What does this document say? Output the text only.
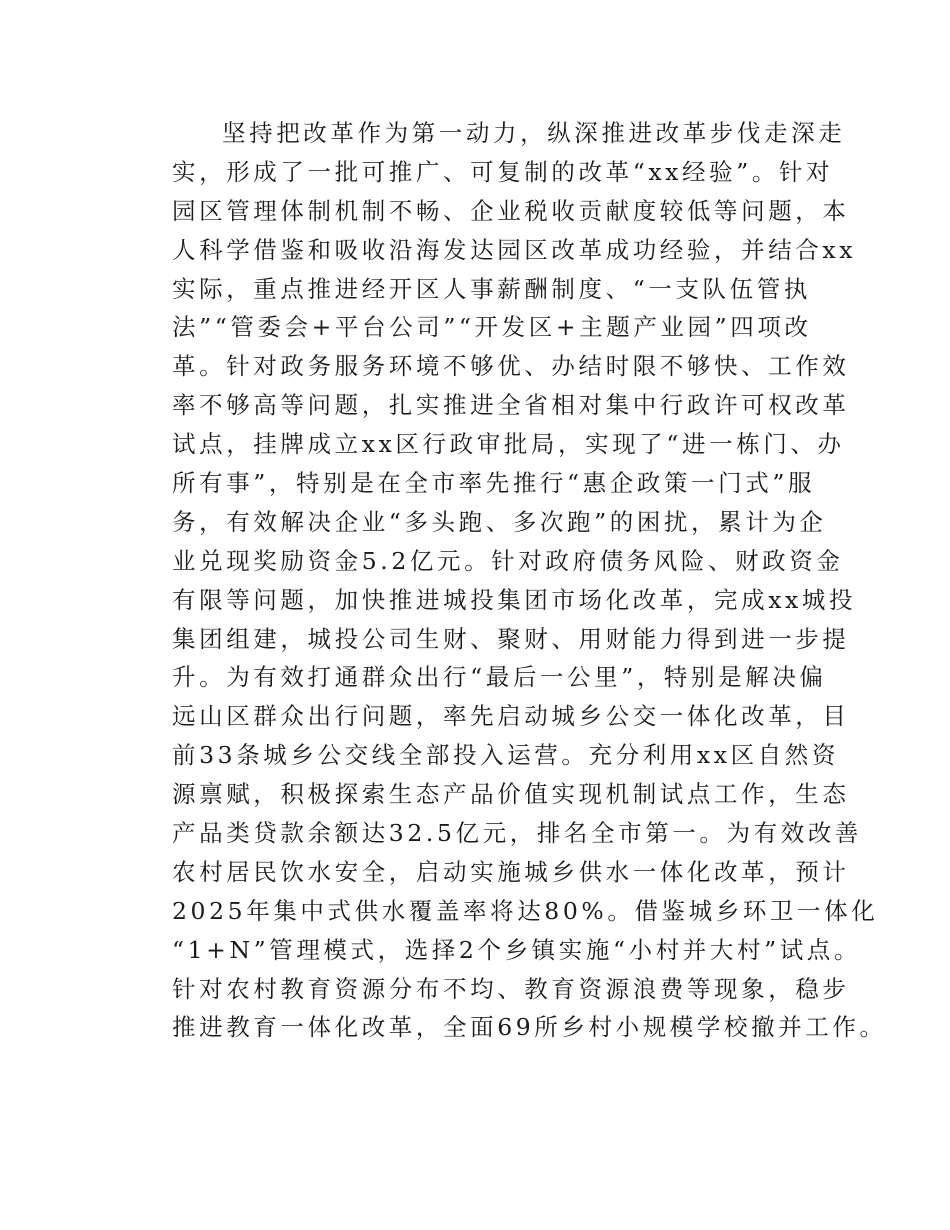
坚持把改革作为第一动力，纵深推进改革步伐走深走
实，形成了一批可推广、可复制的改革“xx经验”。针对
园区管理体制机制不畅、企业税收贡献度较低等问题，本
人科学借鉴和吸收沿海发达园区改革成功经验，并结合xx
实际，重点推进经开区人事薪酬制度、“一支队伍管执
法”“管委会+平台公司”“开发区+主题产业园”四项改
革。针对政务服务环境不够优、办结时限不够快、工作效
率不够高等问题，扎实推进全省相对集中行政许可权改革
试点，挂牌成立xx区行政审批局，实现了“进一栋门、办
所有事”，特别是在全市率先推行“惠企政策一门式”服
务，有效解决企业“多头跑、多次跑”的困扰，累计为企
业兑现奖励资金5.2亿元。针对政府债务风险、财政资金
有限等问题，加快推进城投集团市场化改革，完成xx城投
集团组建，城投公司生财、聚财、用财能力得到进一步提
升。为有效打通群众出行“最后一公里”，特别是解决偏
远山区群众出行问题，率先启动城乡公交一体化改革，目
前33条城乡公交线全部投入运营。充分利用xx区自然资
源禀赋，积极探索生态产品价值实现机制试点工作，生态
产品类贷款余额达32.5亿元，排名全市第一。为有效改善
农村居民饮水安全，启动实施城乡供水一体化改革，预计
2025年集中式供水覆盖率将达80%。借鉴城乡环卫一体化
“1+N”管理模式，选择2个乡镇实施“小村并大村”试点。
针对农村教育资源分布不均、教育资源浪费等现象，稳步
推进教育一体化改革，全面69所乡村小规模学校撤并工作。
